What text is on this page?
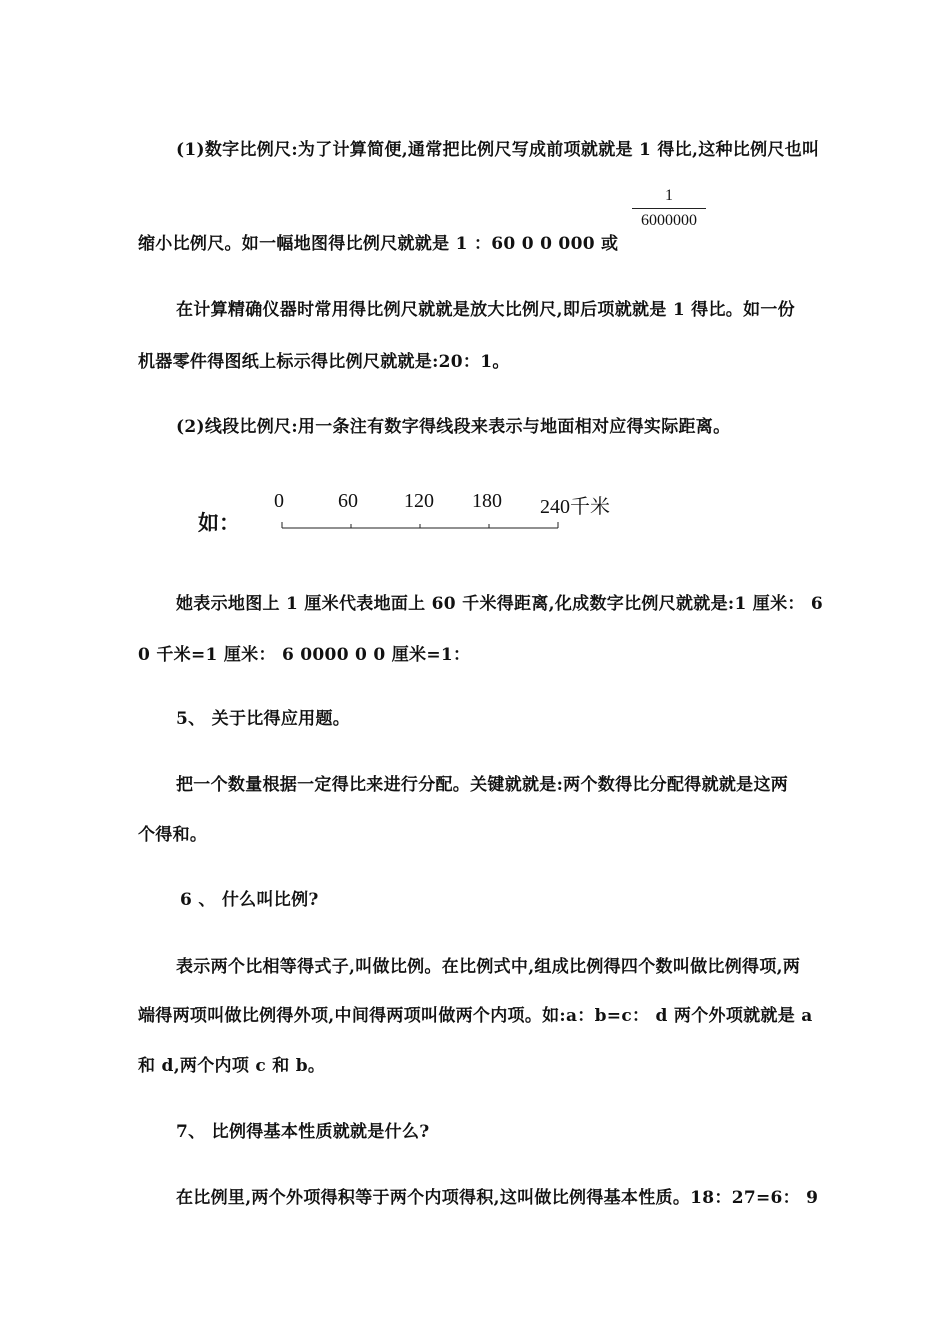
(1)数字比例尺:为了计算简便,通常把比例尺写成前项就就是 1 得比,这种比例尺也叫
1
6000000
缩小比例尺。如一幅地图得比例尺就就是 1 ：60 0 0 000 或
在计算精确仪器时常用得比例尺就就是放大比例尺,即后项就就是 1 得比。如一份
机器零件得图纸上标示得比例尺就就是:20：1。
(2)线段比例尺:用一条注有数字得线段来表示与地面相对应得实际距离。
如：
0	60 120 180 240千米
她表示地图上 1 厘米代表地面上 60 千米得距离,化成数字比例尺就就是:1 厘米： 6
0 千米=1 厘米： 6 0000 0 0 厘米=1：
5、 关于比得应用题。
把一个数量根据一定得比来进行分配。关键就就是:两个数得比分配得就就是这两
个得和。
6 、 什么叫比例?
表示两个比相等得式子,叫做比例。在比例式中,组成比例得四个数叫做比例得项,两
端得两项叫做比例得外项,中间得两项叫做两个内项。如:a：b=c： d 两个外项就就是 a
和 d,两个内项 c 和 b。
7、 比例得基本性质就就是什么?
在比例里,两个外项得积等于两个内项得积,这叫做比例得基本性质。18：27=6： 9
